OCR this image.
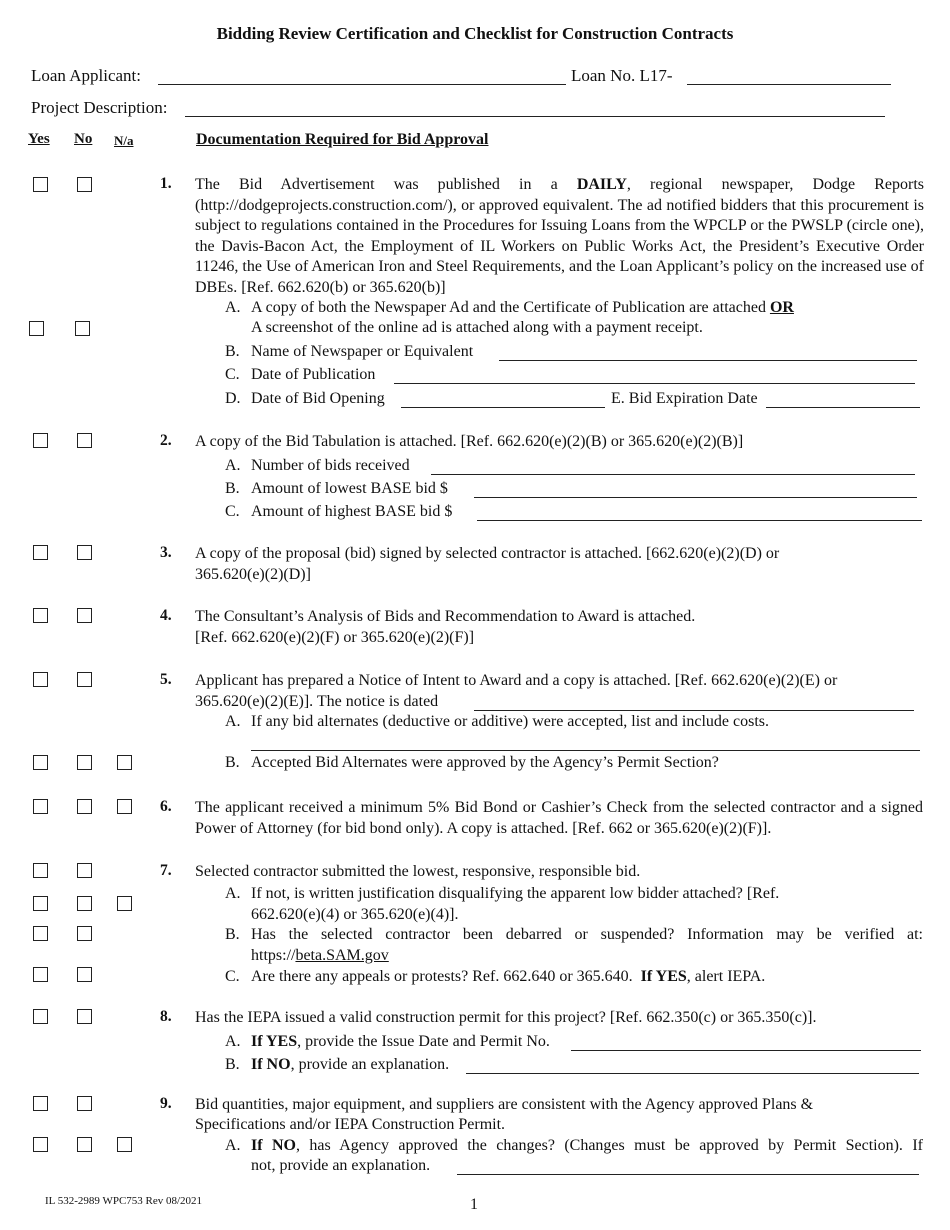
Bidding Review Certification and Checklist for Construction Contracts
Loan Applicant:	Loan No. L17-
Project Description:
Yes No N/a	Documentation Required for Bid Approval
1. The Bid Advertisement was published in a DAILY, regional newspaper, Dodge Reports (http://dodgeprojects.construction.com/), or approved equivalent. The ad notified bidders that this procurement is subject to regulations contained in the Procedures for Issuing Loans from the WPCLP or the PWSLP (circle one), the Davis-Bacon Act, the Employment of IL Workers on Public Works Act, the President’s Executive Order 11246, the Use of American Iron and Steel Requirements, and the Loan Applicant’s policy on the increased use of DBEs. [Ref. 662.620(b) or 365.620(b)]
A. A copy of both the Newspaper Ad and the Certificate of Publication are attached OR
A screenshot of the online ad is attached along with a payment receipt.
B. Name of Newspaper or Equivalent
C. Date of Publication
D. Date of Bid Opening	E. Bid Expiration Date
2. A copy of the Bid Tabulation is attached. [Ref. 662.620(e)(2)(B) or 365.620(e)(2)(B)]
A. Number of bids received
B. Amount of lowest BASE bid $
C. Amount of highest BASE bid $
3. A copy of the proposal (bid) signed by selected contractor is attached. [662.620(e)(2)(D) or
365.620(e)(2)(D)]
4. The Consultant’s Analysis of Bids and Recommendation to Award is attached.
[Ref. 662.620(e)(2)(F) or 365.620(e)(2)(F)]
5. Applicant has prepared a Notice of Intent to Award and a copy is attached. [Ref. 662.620(e)(2)(E) or
365.620(e)(2)(E)]. The notice is dated
A. If any bid alternates (deductive or additive) were accepted, list and include costs.
B. Accepted Bid Alternates were approved by the Agency’s Permit Section?
6. The applicant received a minimum 5% Bid Bond or Cashier’s Check from the selected contractor and a signed Power of Attorney (for bid bond only). A copy is attached. [Ref. 662 or 365.620(e)(2)(F)].
7. Selected contractor submitted the lowest, responsive, responsible bid.
A. If not, is written justification disqualifying the apparent low bidder attached? [Ref.
662.620(e)(4) or 365.620(e)(4)].
B. Has the selected contractor been debarred or suspended? Information may be verified at:
https://beta.SAM.gov
C. Are there any appeals or protests? Ref. 662.640 or 365.640. If YES, alert IEPA.
8. Has the IEPA issued a valid construction permit for this project? [Ref. 662.350(c) or 365.350(c)].
A. If YES, provide the Issue Date and Permit No.
B. If NO, provide an explanation.
9. Bid quantities, major equipment, and suppliers are consistent with the Agency approved Plans &
Specifications and/or IEPA Construction Permit.
A. If NO, has Agency approved the changes? (Changes must be approved by Permit Section). If
not, provide an explanation.
IL 532-2989 WPC753 Rev 08/2021	1
